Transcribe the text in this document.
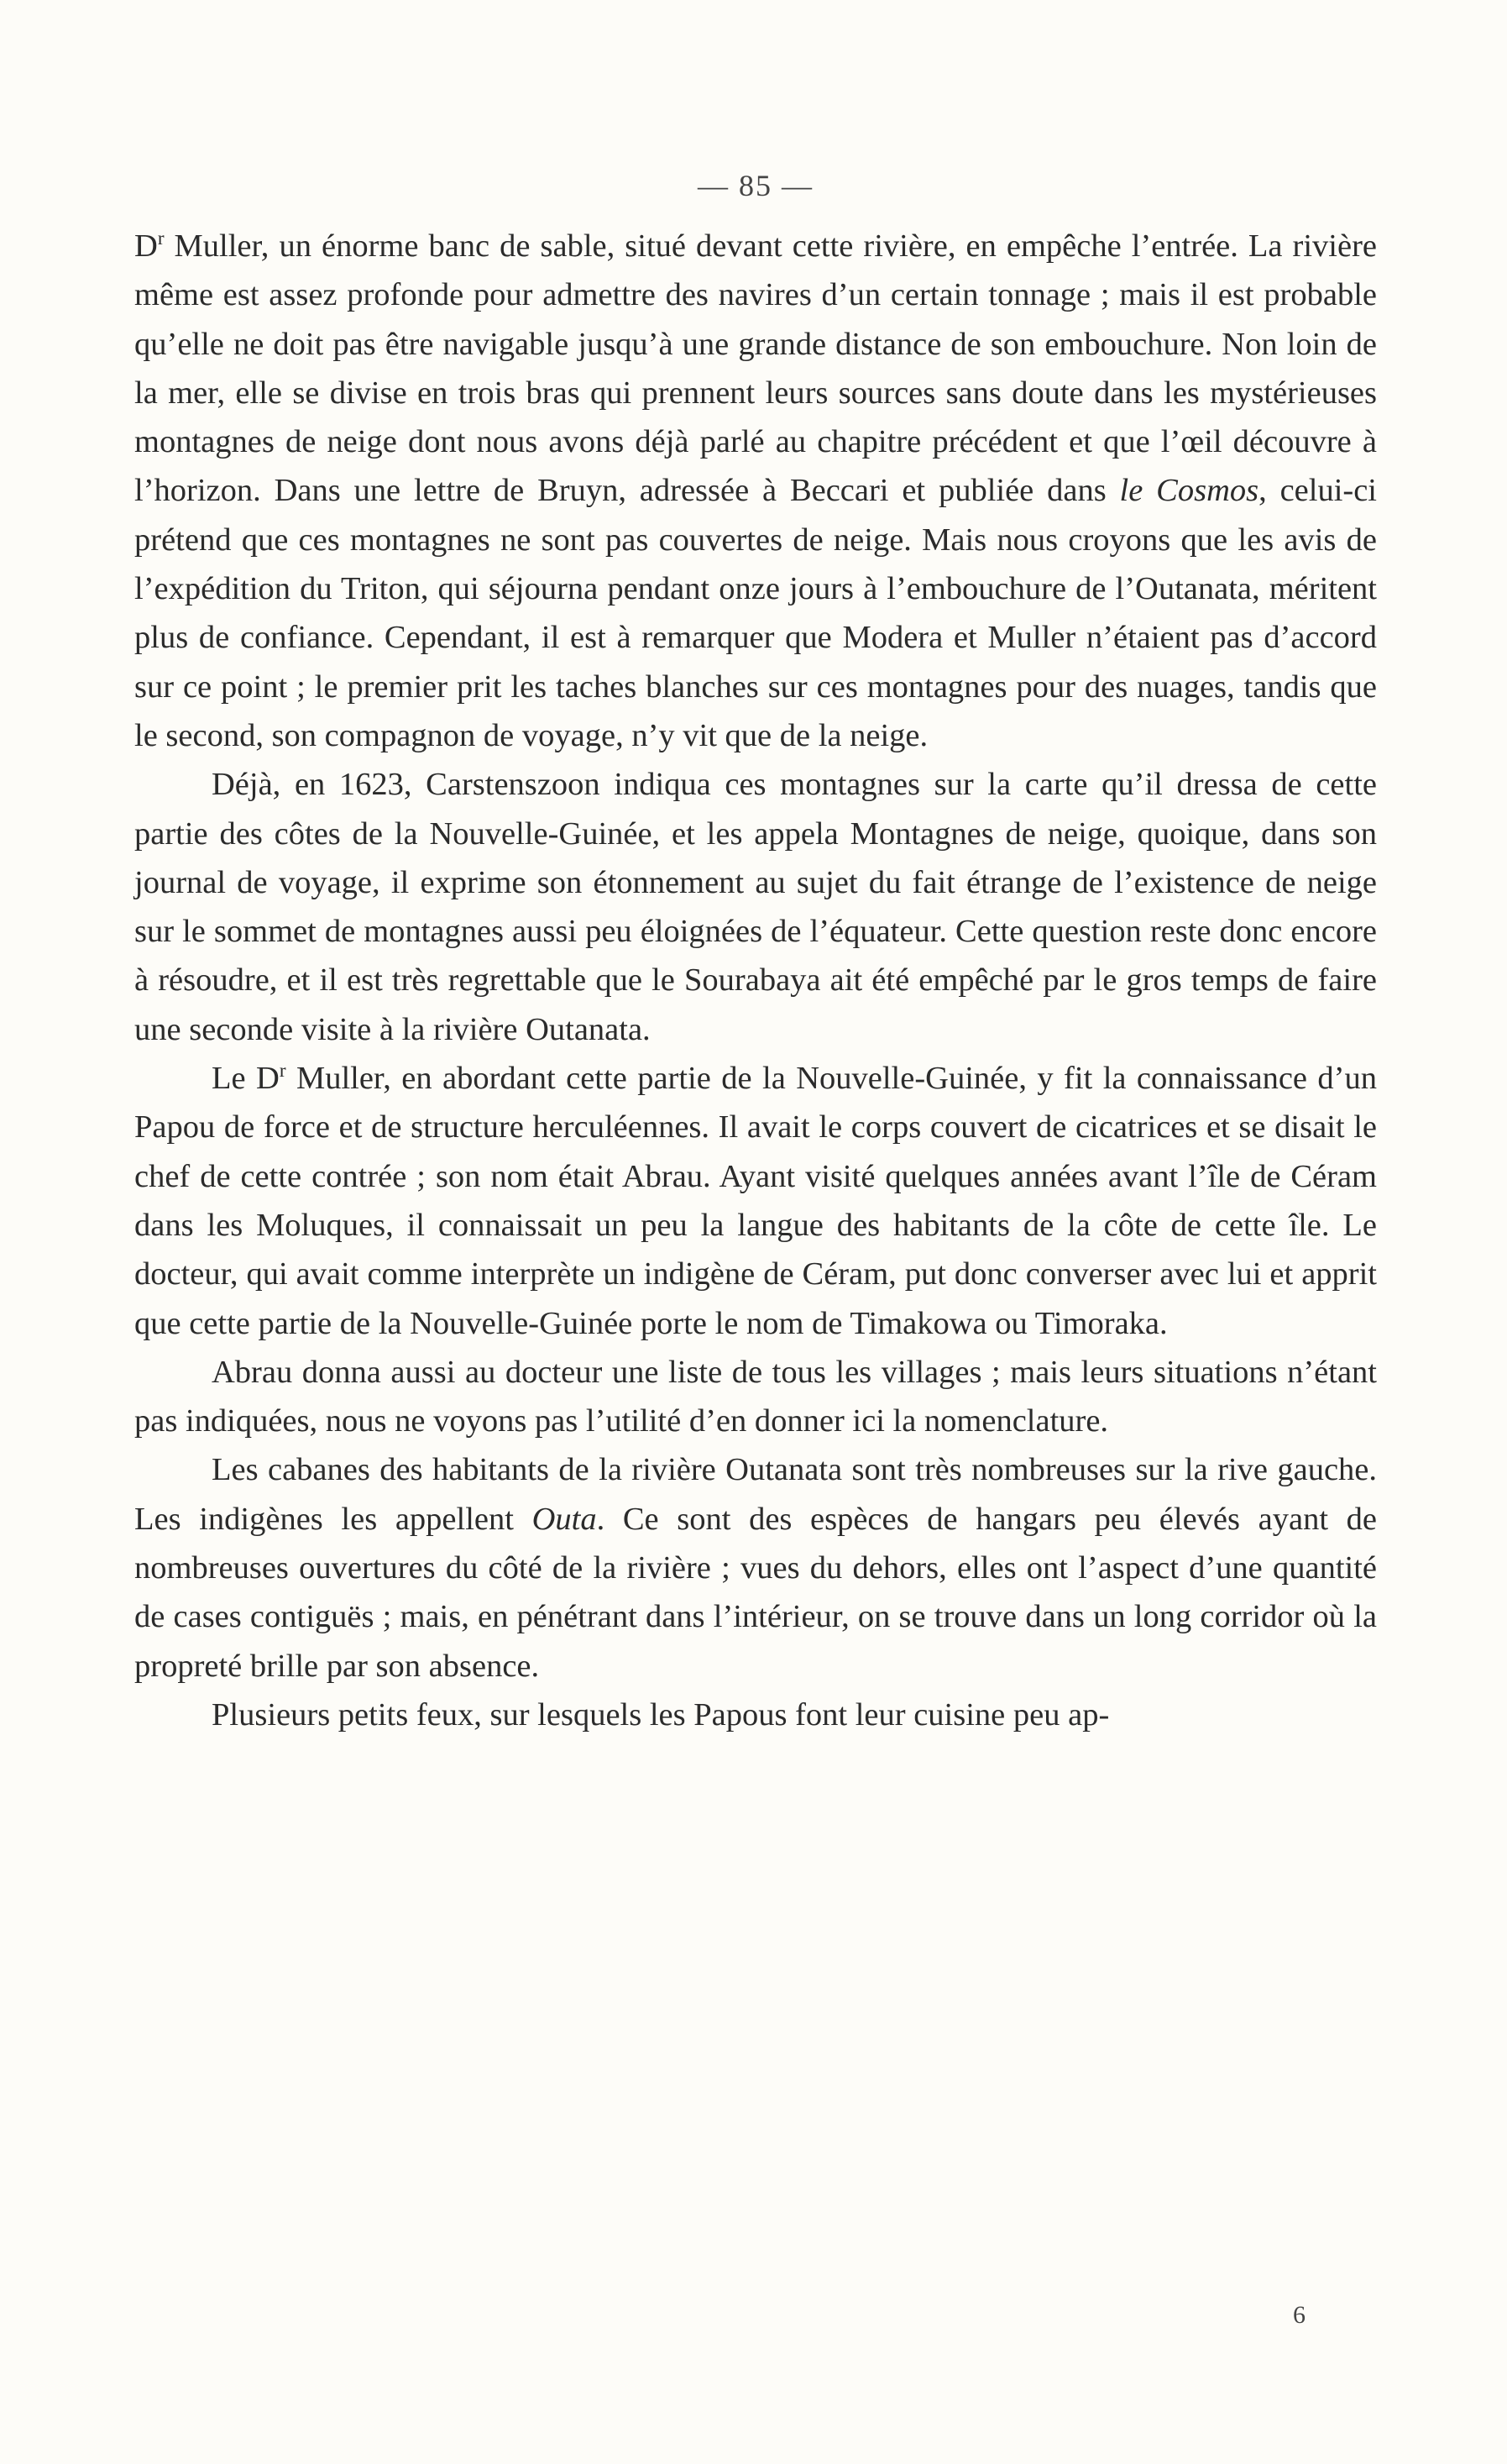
— 85 —

$D^r$ Muller, un énorme banc de sable, situé devant cette rivière, en empêche l’entrée. La rivière même est assez profonde pour admettre des navires d’un certain tonnage ; mais il est probable qu’elle ne doit pas être navigable jusqu’à une grande distance de son embouchure. Non loin de la mer, elle se divise en trois bras qui prennent leurs sources sans doute dans les mystérieuses montagnes de neige dont nous avons déjà parlé au chapitre précédent et que l’œil découvre à l’horizon. Dans une lettre de Bruyn, adressée à Beccari et publiée dans le Cosmos, celui-ci prétend que ces montagnes ne sont pas couvertes de neige. Mais nous croyons que les avis de l’expédition du Triton, qui séjourna pendant onze jours à l’embouchure de l’Outanata, méritent plus de confiance. Cependant, il est à remarquer que Modera et Muller n’étaient pas d’accord sur ce point ; le premier prit les taches blanches sur ces montagnes pour des nuages, tandis que le second, son compagnon de voyage, n’y vit que de la neige.

Déjà, en 1623, Carstenszoon indiqua ces montagnes sur la carte qu’il dressa de cette partie des côtes de la Nouvelle-Guinée, et les appela Montagnes de neige, quoique, dans son journal de voyage, il exprime son étonnement au sujet du fait étrange de l’existence de neige sur le sommet de montagnes aussi peu éloignées de l’équateur. Cette question reste donc encore à résoudre, et il est très regrettable que le Sourabaya ait été empêché par le gros temps de faire une seconde visite à la rivière Outanata.

Le $D^r$ Muller, en abordant cette partie de la Nouvelle-Guinée, y fit la connaissance d’un Papou de force et de structure herculéennes. Il avait le corps couvert de cicatrices et se disait le chef de cette contrée ; son nom était Abrau. Ayant visité quelques années avant l’île de Céram dans les Moluques, il connaissait un peu la langue des habitants de la côte de cette île. Le docteur, qui avait comme interprète un indigène de Céram, put donc converser avec lui et apprit que cette partie de la Nouvelle-Guinée porte le nom de Timakowa ou Timoraka.

Abrau donna aussi au docteur une liste de tous les villages ; mais leurs situations n’étant pas indiquées, nous ne voyons pas l’utilité d’en donner ici la nomenclature.

Les cabanes des habitants de la rivière Outanata sont très nombreuses sur la rive gauche. Les indigènes les appellent Outa. Ce sont des espèces de hangars peu élevés ayant de nombreuses ouvertures du côté de la rivière ; vues du dehors, elles ont l’aspect d’une quantité de cases contiguës ; mais, en pénétrant dans l’intérieur, on se trouve dans un long corridor où la propreté brille par son absence.

Plusieurs petits feux, sur lesquels les Papous font leur cuisine peu ap-

6
